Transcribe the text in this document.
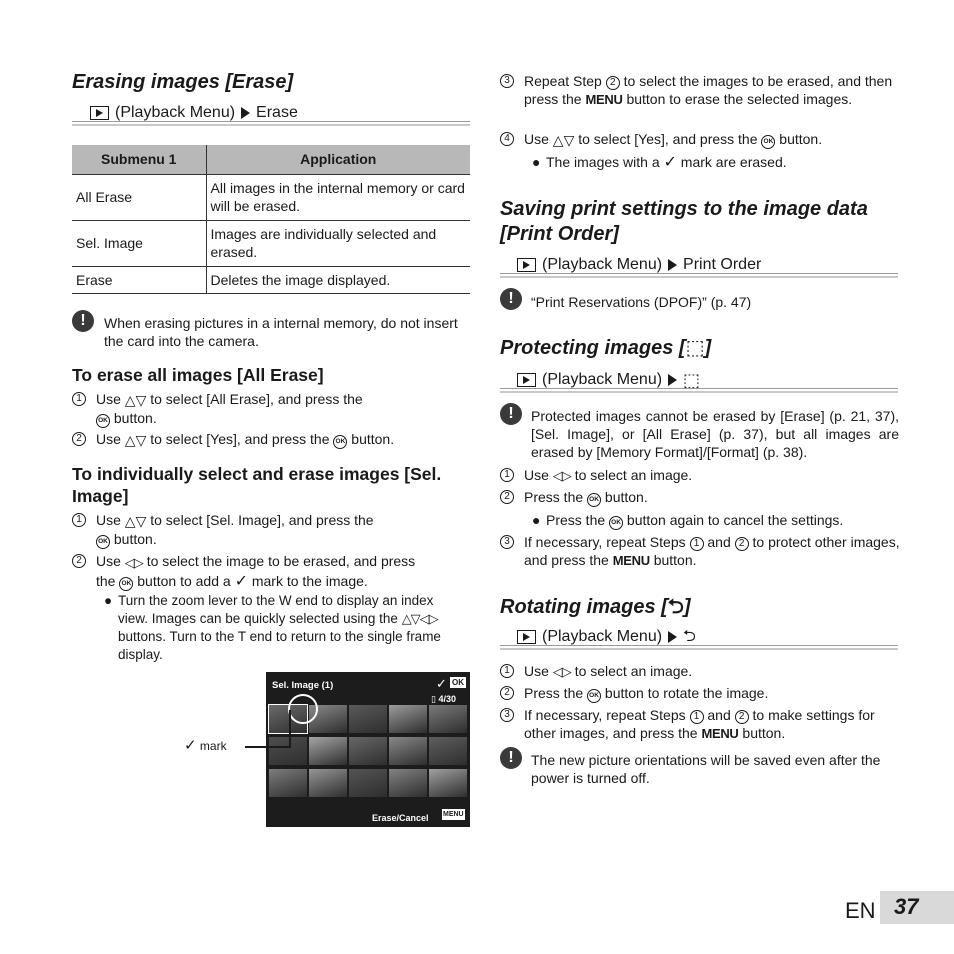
Erasing images [Erase]
(Playback Menu) Erase
Submenu 1	Application
All Erase	All images in the internal memory or card will be erased.
Sel. Image	Images are individually selected and erased.
Erase	Deletes the image displayed.
!	When erasing pictures in a internal memory, do not insert the card into the camera.
To erase all images [All Erase]
1	Use △▽ to select [All Erase], and press the
OK button.
2	Use △▽ to select [Yes], and press the OK button.
To individually select and erase images [Sel. Image]
1	Use △▽ to select [Sel. Image], and press the
OK button.
2	Use ◁▷ to select the image to be erased, and press
the OK button to add a ✓ mark to the image.
● Turn the zoom lever to the W end to display an index view. Images can be quickly selected using the △▽◁▷ buttons. Turn to the T end to return to the single frame display.
Sel. Image (1)	✓ OK
▯ 4/30
Erase/Cancel MENU
✓ mark
3	Repeat Step 2 to select the images to be erased, and then press the MENU button to erase the selected images.
4	Use △▽ to select [Yes], and press the OK button.
● The images with a ✓ mark are erased.
Saving print settings to the image data
[Print Order]
(Playback Menu) Print Order
!	“Print Reservations (DPOF)” (p. 47)
Protecting images [⬚]
(Playback Menu) ⬚
!	Protected images cannot be erased by [Erase] (p. 21, 37), [Sel. Image], or [All Erase] (p. 37), but all images are erased by [Memory Format]/[Format] (p. 38).
1	Use ◁▷ to select an image.
2	Press the OK button.
● Press the OK button again to cancel the settings.
3	If necessary, repeat Steps 1 and 2 to protect other images, and press the MENU button.
Rotating images [⮌]
(Playback Menu) ⮌
1	Use ◁▷ to select an image.
2	Press the OK button to rotate the image.
3	If necessary, repeat Steps 1 and 2 to make settings for other images, and press the MENU button.
!	The new picture orientations will be saved even after the power is turned off.
EN 37
